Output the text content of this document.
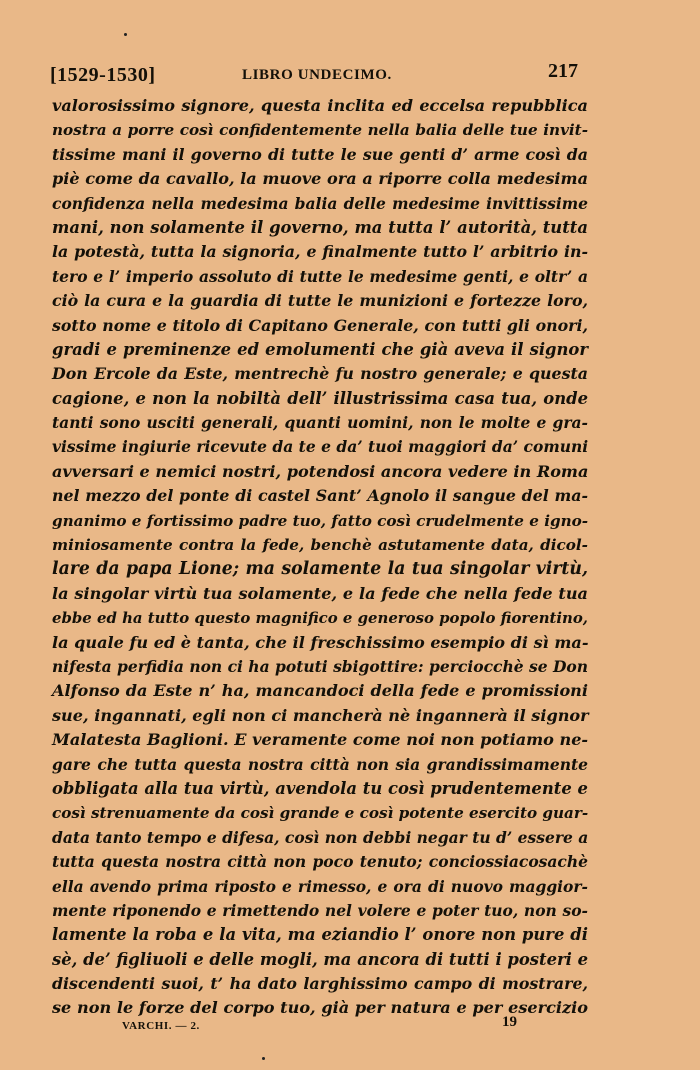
[1529-1530]	LIBRO UNDECIMO.	217
valorosissimo signore, questa inclita ed eccelsa repubblica
nostra a porre così confidentemente nella balia delle tue invit-
tissime mani il governo di tutte le sue genti d’ arme così da
piè come da cavallo, la muove ora a riporre colla medesima
confidenza nella medesima balia delle medesime invittissime
mani, non solamente il governo, ma tutta l’ autorità, tutta
la potestà, tutta la signoria, e finalmente tutto l’ arbitrio in-
tero e l’ imperio assoluto di tutte le medesime genti, e oltr’ a
ciò la cura e la guardia di tutte le munizioni e fortezze loro,
sotto nome e titolo di Capitano Generale, con tutti gli onori,
gradi e preminenze ed emolumenti che già aveva il signor
Don Ercole da Este, mentrechè fu nostro generale; e questa
cagione, e non la nobiltà dell’ illustrissima casa tua, onde
tanti sono usciti generali, quanti uomini, non le molte e gra-
vissime ingiurie ricevute da te e da’ tuoi maggiori da’ comuni
avversari e nemici nostri, potendosi ancora vedere in Roma
nel mezzo del ponte di castel Sant’ Agnolo il sangue del ma-
gnanimo e fortissimo padre tuo, fatto così crudelmente e igno-
miniosamente contra la fede, benchè astutamente data, dicol-
lare da papa Lione; ma solamente la tua singolar virtù,
la singolar virtù tua solamente, e la fede che nella fede tua
ebbe ed ha tutto questo magnifico e generoso popolo fiorentino,
la quale fu ed è tanta, che il freschissimo esempio di sì ma-
nifesta perfidia non ci ha potuti sbigottire: perciocchè se Don
Alfonso da Este n’ ha, mancandoci della fede e promissioni
sue, ingannati, egli non ci mancherà nè ingannerà il signor
Malatesta Baglioni. E veramente come noi non potiamo ne-
gare che tutta questa nostra città non sia grandissimamente
obbligata alla tua virtù, avendola tu così prudentemente e
così strenuamente da così grande e così potente esercito guar-
data tanto tempo e difesa, così non debbi negar tu d’ essere a
tutta questa nostra città non poco tenuto; conciossiacosachè
ella avendo prima riposto e rimesso, e ora di nuovo maggior-
mente riponendo e rimettendo nel volere e poter tuo, non so-
lamente la roba e la vita, ma eziandio l’ onore non pure di
sè, de’ figliuoli e delle mogli, ma ancora di tutti i posteri e
discendenti suoi, t’ ha dato larghissimo campo di mostrare,
se non le forze del corpo tuo, già per natura e per esercizio
VARCHI. — 2.	19
